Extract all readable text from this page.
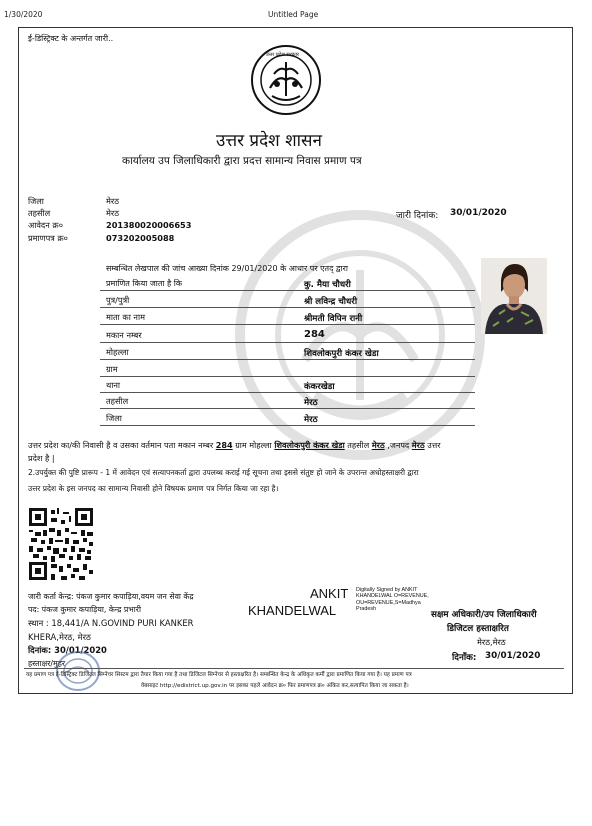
1/30/2020	Untitled Page
ई-डिस्ट्रिक्ट के अन्तर्गत जारी..
उत्तर प्रदेश सरकार
उत्तर प्रदेश शासन
कार्यालय उप जिलाधिकारी द्वारा प्रदत्त सामान्य निवास प्रमाण पत्र
जिला	मेरठ
तहसील	मेरठ
आवेदन क्र०	201380020006653
प्रमाणपत्र क्र०	073202005088
जारी दिनांक: 30/01/2020
सम्बन्धित लेखपाल की जांच आख्या दिनांक 29/01/2020 के आधार पर एतद् द्वारा
प्रमाणित किया जाता है कि	कु. मैया चौधरी
पुत्र/पुत्री	श्री लविन्द्र चौधरी
माता का नाम	श्रीमती विपिन रानी
मकान नम्बर	284
मोहल्ला	शिवलोकपुरी कंकर खेडा
ग्राम
थाना	कंकरखेडा
तहसील	मेरठ
जिला	मेरठ
उत्तर प्रदेश का/की निवासी है व उसका वर्तमान पता मकान नम्बर 284 ग्राम मोहल्ला शिवलोकपुरी कंकर खेडा तहसील मेरठ ,जनपद मेरठ उत्तर
प्रदेश है |
2.उपर्युक्त की पुष्टि प्रारूप - 1 में आवेदन एवं सत्यापनकर्ता द्वारा उपलब्ध कराई गई सूचना तथा इससे संतुष्ट हो जाने के उपरान्त अधोहस्ताक्षरी द्वारा
उत्तर प्रदेश के इस जनपद का सामान्य निवासी होने विषयक प्रमाण पत्र निर्गत किया जा रहा है।
जारी कर्ता केन्द्र: पंकज कुमार कपाड़िया,वयम जन सेवा केंद्र
पद: पंकज कुमार कपाड़िया, केन्द्र प्रभारी
स्थान : 18,441/A N.GOVIND PURI KANKER
KHERA,मेरठ, मेरठ
दिनांक: 30/01/2020
हस्ताक्षर/मुहर
ANKIT
KHANDELWAL
Digitally Signed by ANKIT KHANDELWAL O=REVENUE, OU=REVENUE,S=Madhya Pradesh
सक्षम अधिकारी/उप जिलाधिकारी
डिजिटल हस्ताक्षरित
मेरठ,मेरठ
दिनाँक: 30/01/2020
यह प्रमाण पत्र ई-डिस्ट्रिक्ट डिजिटल सिग्नेचर सिस्टम द्वारा तैयार किया गया है तथा डिजिटल सिग्नेचर से हस्ताक्षरित है। सम्बन्धित केन्द्र के अधिकृत कर्मी द्वारा प्रमाणित किया गया है। यह प्रमाण पत्र
वेबसाइट http://edistrict.up.gov.in पर इसका पहले आवेदन क्र० फिर प्रमाणपत्र क्र० अंकित कर,सत्यापित किया जा सकता है।
